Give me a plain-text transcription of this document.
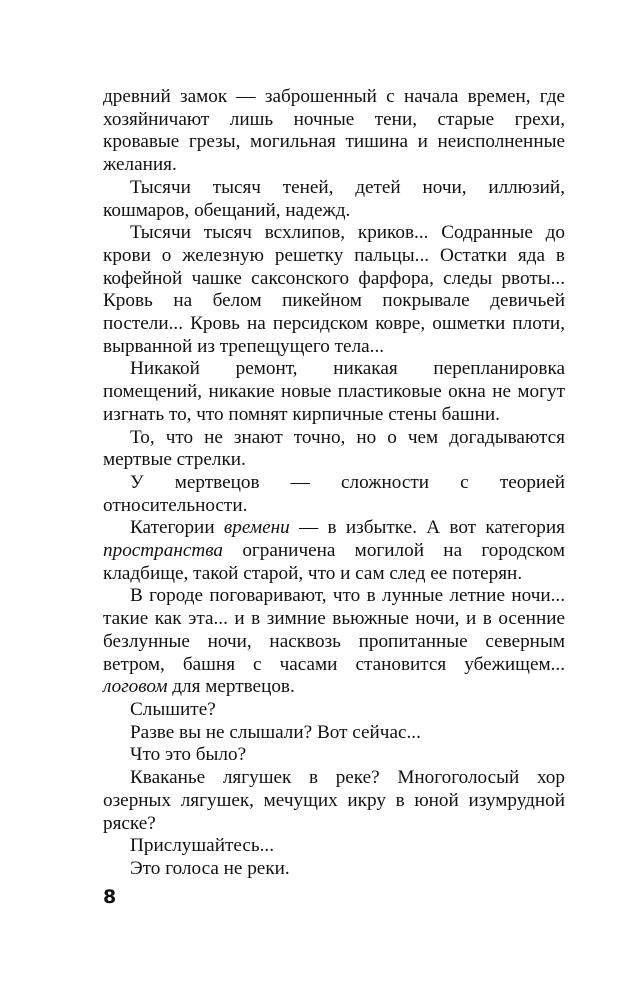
древний замок — заброшенный с начала времен, где хозяйничают лишь ночные тени, старые грехи, кровавые грезы, могильная тишина и неисполненные желания.

Тысячи тысяч теней, детей ночи, иллюзий, кошмаров, обещаний, надежд.

Тысячи тысяч всхлипов, криков... Содранные до крови о железную решетку пальцы... Остатки яда в кофейной чашке саксонского фарфора, следы рвоты... Кровь на белом пикейном покрывале девичьей постели... Кровь на персидском ковре, ошметки плоти, вырванной из трепещущего тела...

Никакой ремонт, никакая перепланировка помещений, никакие новые пластиковые окна не могут изгнать то, что помнят кирпичные стены башни.

То, что не знают точно, но о чем догадываются мертвые стрелки.

У мертвецов — сложности с теорией относительности.

Категории времени — в избытке. А вот категория пространства ограничена могилой на городском кладбище, такой старой, что и сам след ее потерян.

В городе поговаривают, что в лунные летние ночи... такие как эта... и в зимние вьюжные ночи, и в осенние безлунные ночи, насквозь пропитанные северным ветром, башня с часами становится убежищем... логовом для мертвецов.

Слышите?

Разве вы не слышали? Вот сейчас...

Что это было?

Кваканье лягушек в реке? Многоголосый хор озерных лягушек, мечущих икру в юной изумрудной ряске?

Прислушайтесь...

Это голоса не реки.

8
